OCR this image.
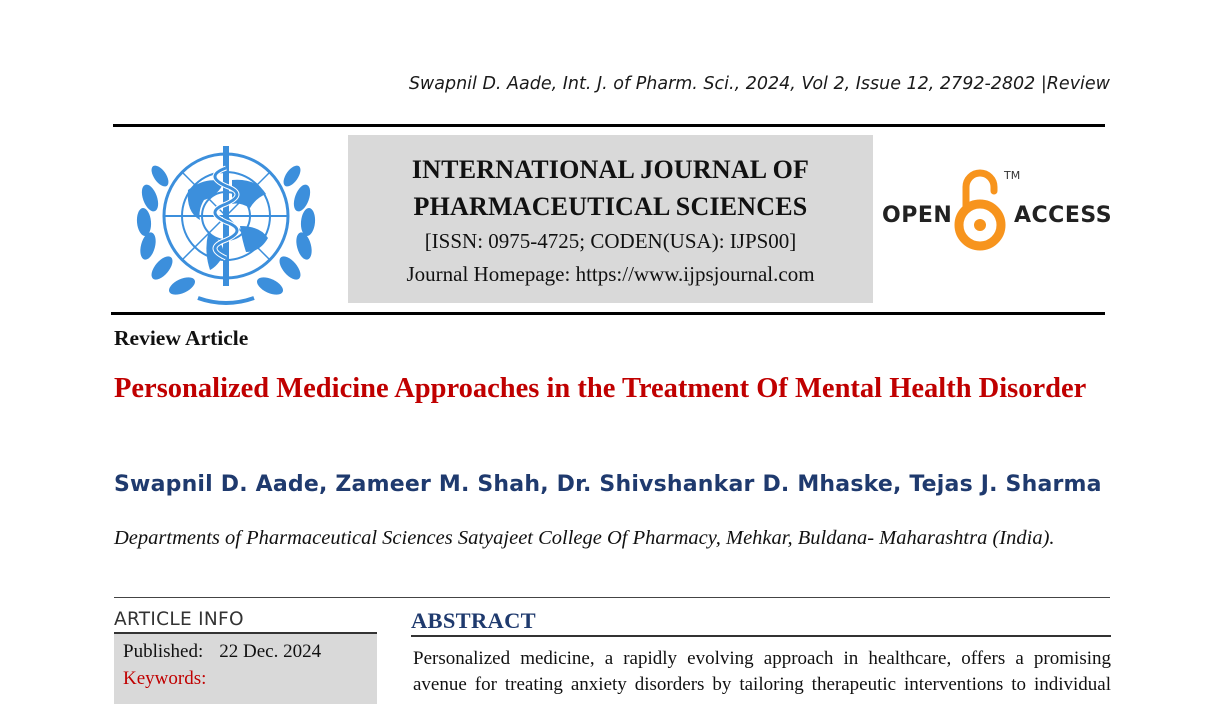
Swapnil D. Aade, Int. J. of Pharm. Sci., 2024, Vol 2, Issue 12, 2792-2802 |Review
INTERNATIONAL JOURNAL OF
PHARMACEUTICAL SCIENCES
[ISSN: 0975-4725; CODEN(USA): IJPS00]
Journal Homepage: https://www.ijpsjournal.com
OPEN
TM
ACCESS
Review Article
Personalized Medicine Approaches in the Treatment Of Mental Health Disorder
Swapnil D. Aade, Zameer M. Shah, Dr. Shivshankar D. Mhaske, Tejas J. Sharma
Departments of Pharmaceutical Sciences Satyajeet College Of Pharmacy, Mehkar, Buldana- Maharashtra (India).
ARTICLE INFO
Published: 22 Dec. 2024
Keywords:
ABSTRACT
Personalized medicine, a rapidly evolving approach in healthcare, offers a promising
avenue for treating anxiety disorders by tailoring therapeutic interventions to individual
